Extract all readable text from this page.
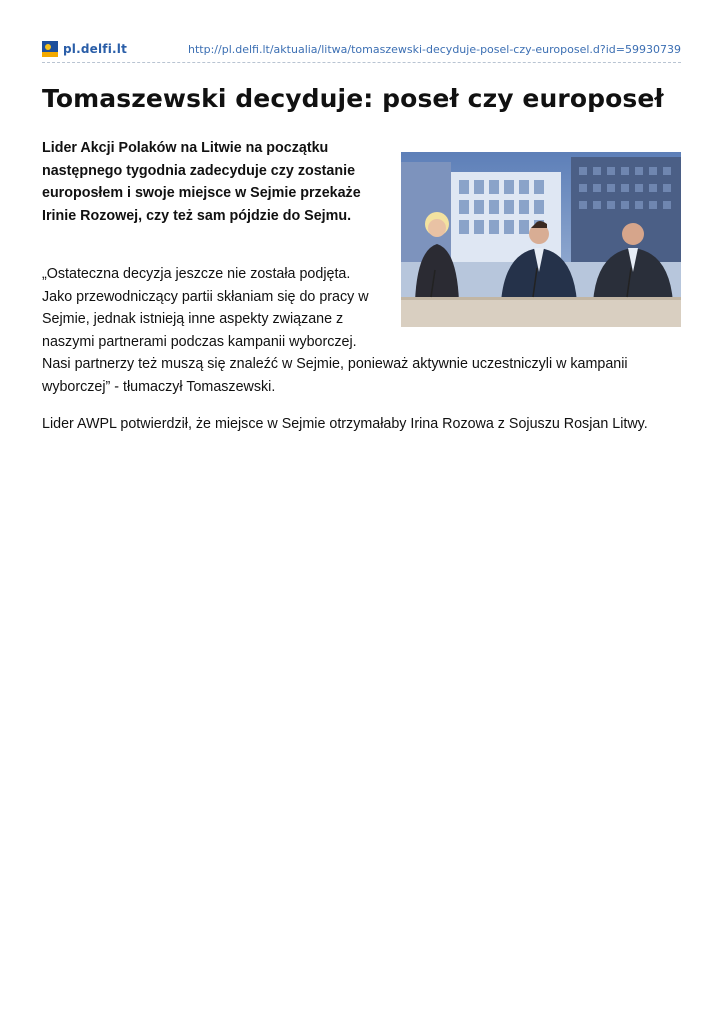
pl.delfi.lt	http://pl.delfi.lt/aktualia/litwa/tomaszewski-decyduje-posel-czy-europosel.d?id=59930739
Tomaszewski decyduje: poseł czy europoseł

Lider Akcji Polaków na Litwie na początku następnego tygodnia zadecyduje czy zostanie europosłem i swoje miejsce w Sejmie przekaże Irinie Rozowej, czy też sam pójdzie do Sejmu.

„Ostateczna decyzja jeszcze nie została podjęta. Jako przewodniczący partii skłaniam się do pracy w Sejmie, jednak istnieją inne aspekty związane z naszymi partnerami podczas kampanii wyborczej. Nasi partnerzy też muszą się znaleźć w Sejmie, ponieważ aktywnie uczestniczyli w kampanii wyborczej” - tłumaczył Tomaszewski.

Lider AWPL potwierdził, że miejsce w Sejmie otrzymałaby Irina Rozowa z Sojuszu Rosjan Litwy.
